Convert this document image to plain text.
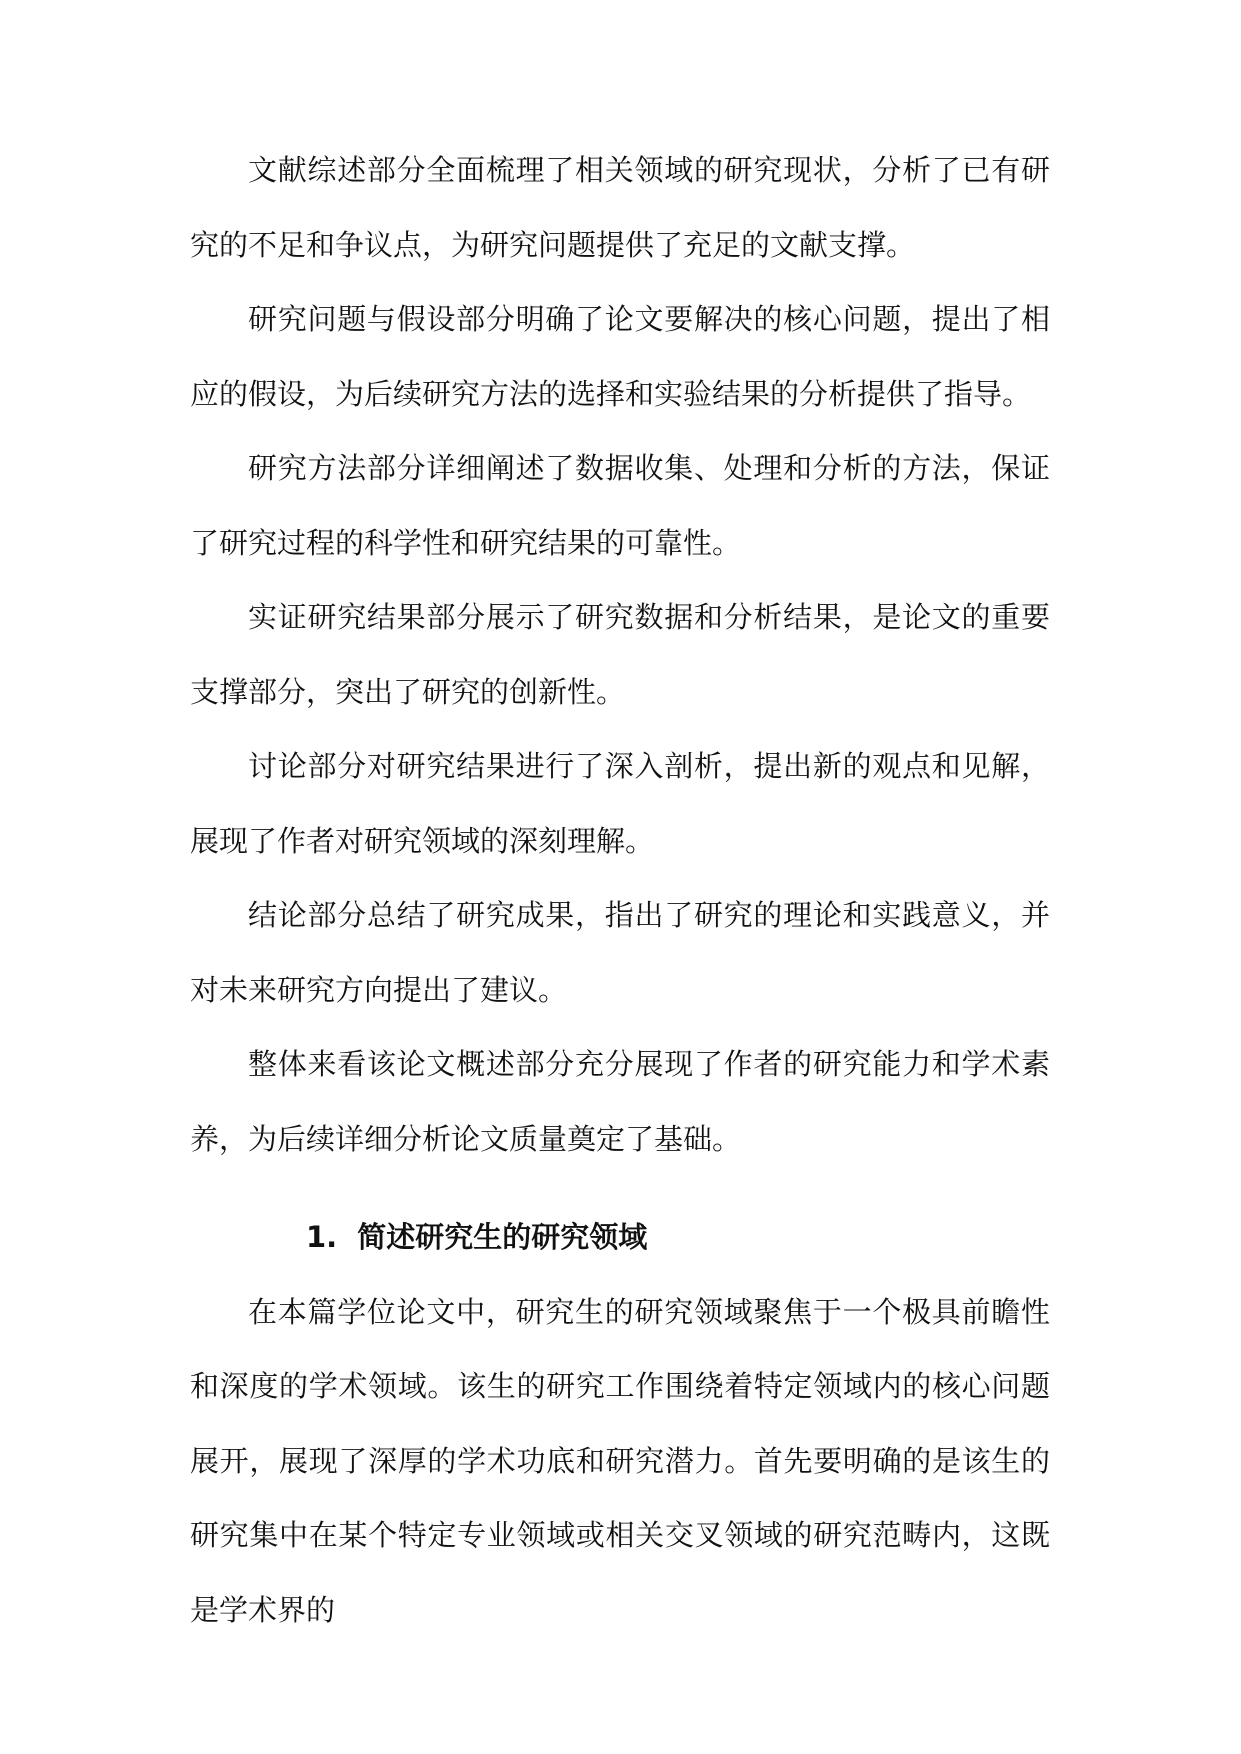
文献综述部分全面梳理了相关领域的研究现状，分析了已有研究的不足和争议点，为研究问题提供了充足的文献支撑。

研究问题与假设部分明确了论文要解决的核心问题，提出了相应的假设，为后续研究方法的选择和实验结果的分析提供了指导。

研究方法部分详细阐述了数据收集、处理和分析的方法，保证了研究过程的科学性和研究结果的可靠性。

实证研究结果部分展示了研究数据和分析结果，是论文的重要支撑部分，突出了研究的创新性。

讨论部分对研究结果进行了深入剖析，提出新的观点和见解，展现了作者对研究领域的深刻理解。

结论部分总结了研究成果，指出了研究的理论和实践意义，并对未来研究方向提出了建议。

整体来看该论文概述部分充分展现了作者的研究能力和学术素养，为后续详细分析论文质量奠定了基础。

1. 简述研究生的研究领域

在本篇学位论文中，研究生的研究领域聚焦于一个极具前瞻性和深度的学术领域。该生的研究工作围绕着特定领域内的核心问题展开，展现了深厚的学术功底和研究潜力。首先要明确的是该生的研究集中在某个特定专业领域或相关交叉领域的研究范畴内，这既是学术界的
